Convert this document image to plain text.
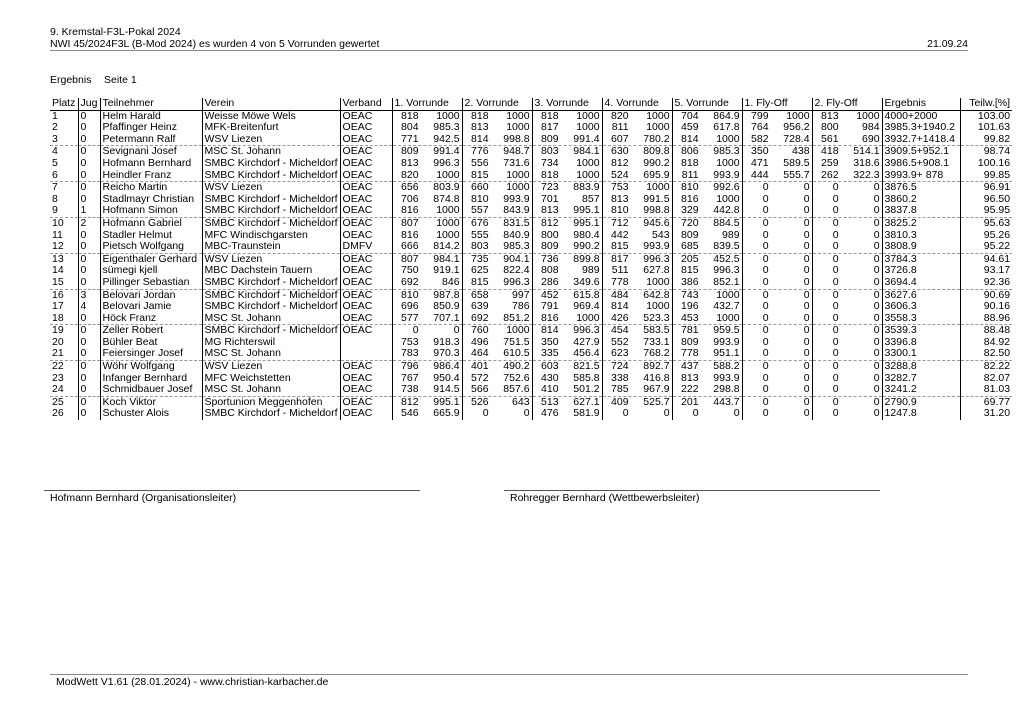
9. Kremstal-F3L-Pokal 2024
NWI 45/2024F3L (B-Mod 2024) es wurden 4 von 5 Vorrunden gewertet	21.09.24
Ergebnis Seite 1
Platz	Jug	Teilnehmer	Verein	Verband	1. Vorrunde	2. Vorrunde	3. Vorrunde	4. Vorrunde	5. Vorrunde	1. Fly-Off	2. Fly-Off	Ergebnis	Teilw.[%]
1	0	Helm Harald	Weisse Möwe Wels	OEAC	818 1000	818 1000	818 1000	820 1000	704 864.9	799 1000	813 1000	4000+2000	103.00
2	0	Pfaffinger Heinz	MFK-Breitenfurt	OEAC	804 985.3	813 1000	817 1000	811 1000	459 617.8	764 956.2	800 984	3985.3+1940.2	101.63
3	0	Petermann Ralf	WSV Liezen	OEAC	771 942.5	814 998.8	809 991.4	607 780.2	814 1000	582 728.4	561 690	3932.7+1418.4	99.82
4	0	Sevignani Josef	MSC St. Johann	OEAC	809 991.4	776 948.7	803 984.1	630 809.8	806 985.3	350 438	418 514.1	3909.5+952.1	98.74
5	0	Hofmann Bernhard	SMBC Kirchdorf - Micheldorf	OEAC	813 996.3	556 731.6	734 1000	812 990.2	818 1000	471 589.5	259 318.6	3986.5+908.1	100.16
6	0	Heindler Franz	SMBC Kirchdorf - Micheldorf	OEAC	820 1000	815 1000	818 1000	524 695.9	811 993.9	444 555.7	262 322.3	3993.9+ 878	99.85
7	0	Reicho Martin	WSV Liezen	OEAC	656 803.9	660 1000	723 883.9	753 1000	810 992.6	0 0	0 0	3876.5	96.91
8	0	Stadlmayr Christian	SMBC Kirchdorf - Micheldorf	OEAC	706 874.8	810 993.9	701 857	813 991.5	816 1000	0 0	0 0	3860.2	96.50
9	1	Hofmann Simon	SMBC Kirchdorf - Micheldorf	OEAC	816 1000	557 843.9	813 995.1	810 998.8	329 442.8	0 0	0 0	3837.8	95.95
10	2	Hofmann Gabriel	SMBC Kirchdorf - Micheldorf	OEAC	807 1000	676 831.5	812 995.1	712 945.6	720 884.5	0 0	0 0	3825.2	95.63
11	0	Stadler Helmut	MFC Windischgarsten	OEAC	816 1000	555 840.9	800 980.4	442 543	809 989	0 0	0 0	3810.3	95.26
12	0	Pietsch Wolfgang	MBC-Traunstein	DMFV	666 814.2	803 985.3	809 990.2	815 993.9	685 839.5	0 0	0 0	3808.9	95.22
13	0	Eigenthaler Gerhard	WSV Liezen	OEAC	807 984.1	735 904.1	736 899.8	817 996.3	205 452.5	0 0	0 0	3784.3	94.61
14	0	sümegi kjell	MBC Dachstein Tauern	OEAC	750 919.1	625 822.4	808 989	511 627.8	815 996.3	0 0	0 0	3726.8	93.17
15	0	Pillinger Sebastian	SMBC Kirchdorf - Micheldorf	OEAC	692 846	815 996.3	286 349.6	778 1000	386 852.1	0 0	0 0	3694.4	92.36
16	3	Belovari Jordan	SMBC Kirchdorf - Micheldorf	OEAC	810 987.8	658 997	452 615.8	484 642.8	743 1000	0 0	0 0	3627.6	90.69
17	4	Belovari Jamie	SMBC Kirchdorf - Micheldorf	OEAC	696 850.9	639 786	791 969.4	814 1000	196 432.7	0 0	0 0	3606.3	90.16
18	0	Höck Franz	MSC St. Johann	OEAC	577 707.1	692 851.2	816 1000	426 523.3	453 1000	0 0	0 0	3558.3	88.96
19	0	Zeller Robert	SMBC Kirchdorf - Micheldorf	OEAC	0 0	760 1000	814 996.3	454 583.5	781 959.5	0 0	0 0	3539.3	88.48
20	0	Bühler Beat	MG Richterswil		753 918.3	496 751.5	350 427.9	552 733.1	809 993.9	0 0	0 0	3396.8	84.92
21	0	Feiersinger Josef	MSC St. Johann		783 970.3	464 610.5	335 456.4	623 768.2	778 951.1	0 0	0 0	3300.1	82.50
22	0	Wöhr Wolfgang	WSV Liezen	OEAC	796 986.4	401 490.2	603 821.5	724 892.7	437 588.2	0 0	0 0	3288.8	82.22
23	0	Infanger Bernhard	MFC Weichstetten	OEAC	767 950.4	572 752.6	430 585.8	338 416.8	813 993.9	0 0	0 0	3282.7	82.07
24	0	Schmidbauer Josef	MSC St. Johann	OEAC	738 914.5	566 857.6	410 501.2	785 967.9	222 298.8	0 0	0 0	3241.2	81.03
25	0	Koch Viktor	Sportunion Meggenhofen	OEAC	812 995.1	526 643	513 627.1	409 525.7	201 443.7	0 0	0 0	2790.9	69.77
26	0	Schuster Alois	SMBC Kirchdorf - Micheldorf	OEAC	546 665.9	0 0	476 581.9	0 0	0 0	0 0	0 0	1247.8	31.20
Hofmann Bernhard (Organisationsleiter)	Rohregger Bernhard (Wettbewerbsleiter)
ModWett V1.61 (28.01.2024) - www.christian-karbacher.de
